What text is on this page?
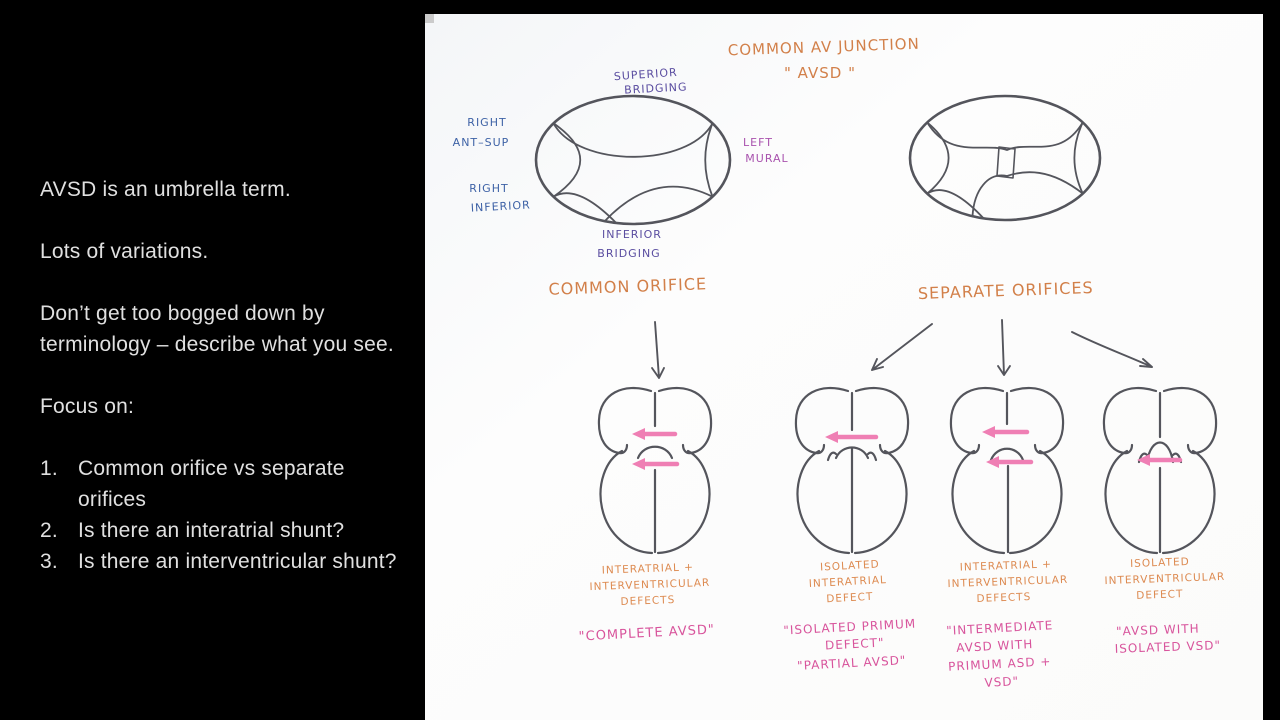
AVSD is an umbrella term.

Lots of variations.

Don’t get too bogged down by terminology – describe what you see.

Focus on:

1. Common orifice vs separate orifices
2. Is there an interatrial shunt?
3. Is there an interventricular shunt?
COMMON AV JUNCTION
" AVSD "
SUPERIOR
BRIDGING
RIGHT
ANT–SUP
RIGHT
INFERIOR
LEFT
MURAL
INFERIOR
BRIDGING
COMMON ORIFICE	SEPARATE ORIFICES
INTERATRIAL +
INTERVENTRICULAR
DEFECTS
"COMPLETE AVSD"
ISOLATED
INTERATRIAL
DEFECT
"ISOLATED PRIMUM
DEFECT"
"PARTIAL AVSD"
INTERATRIAL +
INTERVENTRICULAR
DEFECTS
"INTERMEDIATE
AVSD WITH
PRIMUM ASD +
VSD"
ISOLATED
INTERVENTRICULAR
DEFECT
"AVSD WITH
ISOLATED VSD"
